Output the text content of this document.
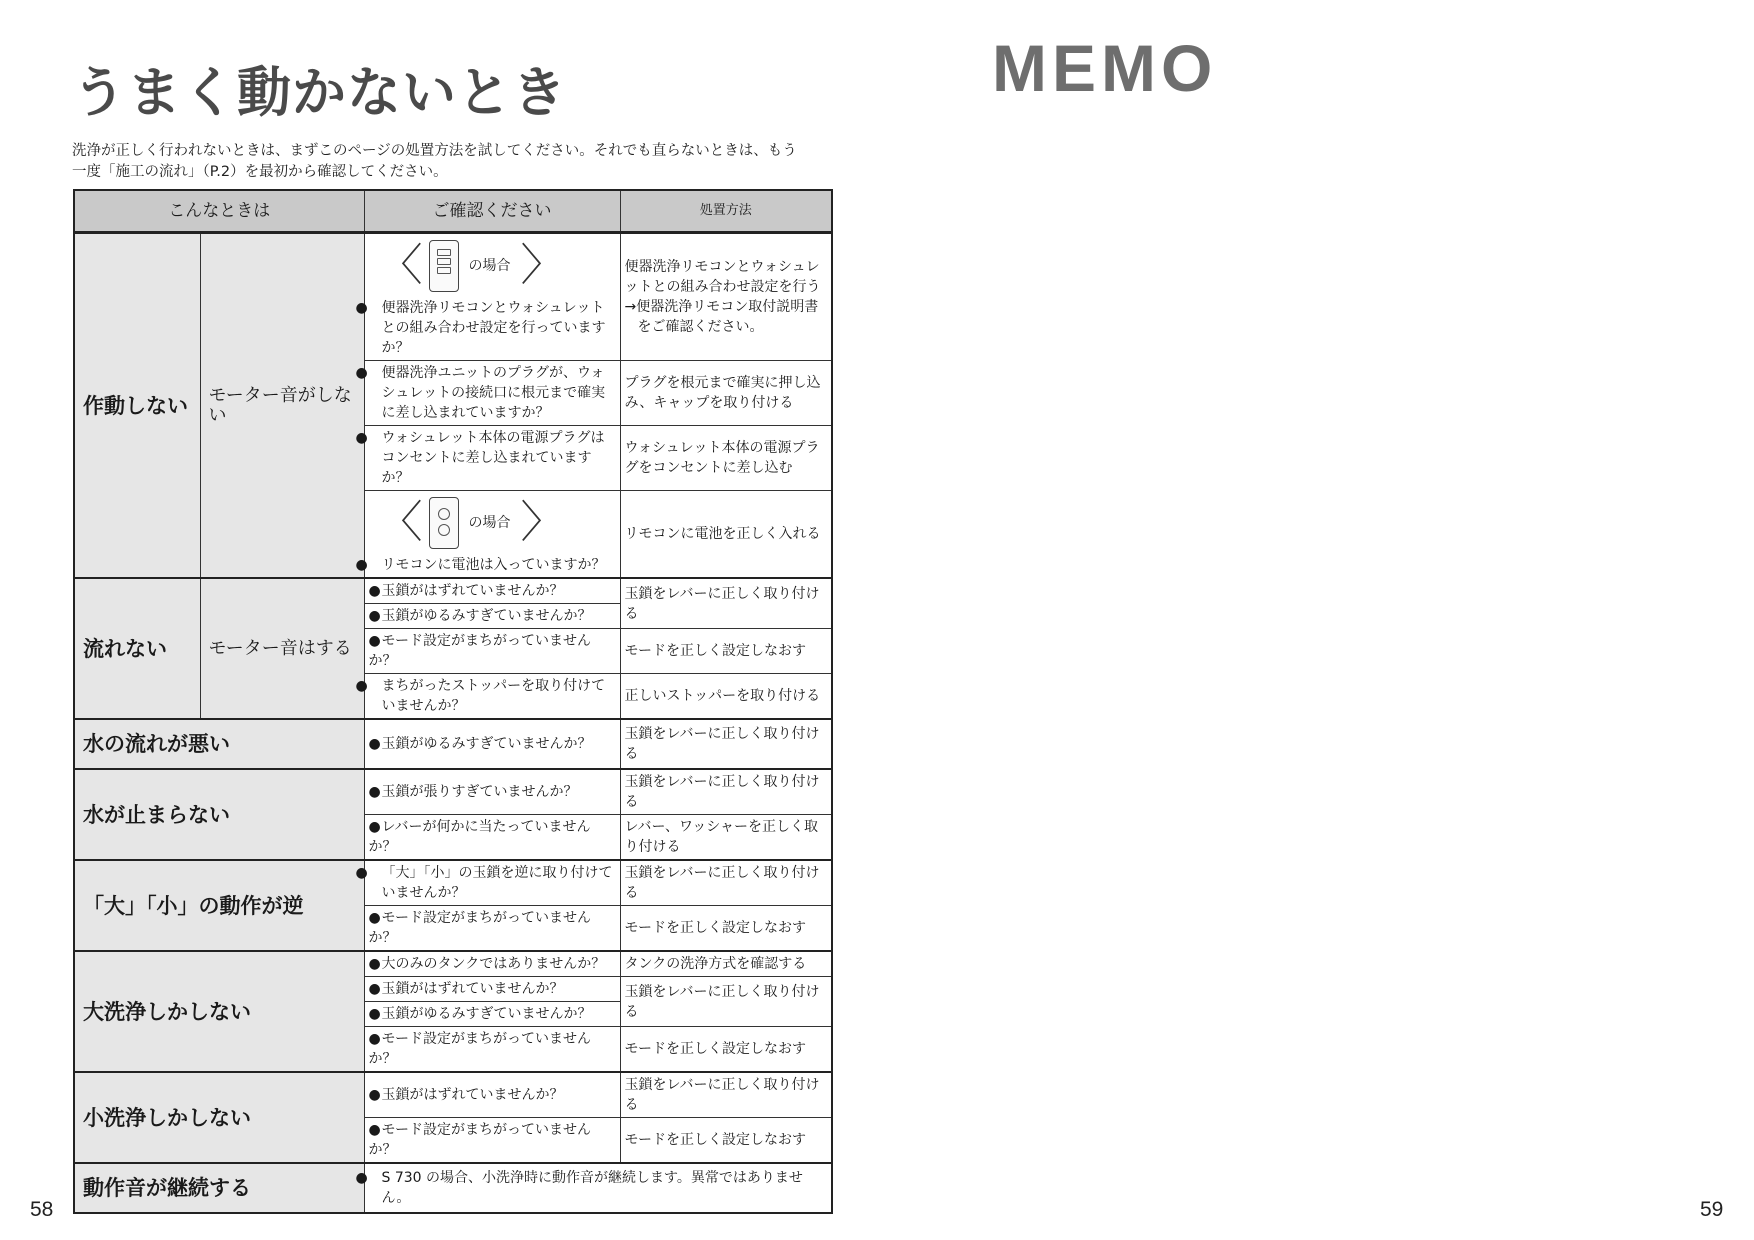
うまく動かないとき

洗浄が正しく行われないときは、まずこのページの処置方法を試してください。それでも直らないときは、もう
一度「施工の流れ」（P.2）を最初から確認してください。

MEMO
58	59
こんなときは		ご確認ください	処置方法
作動しない	モーター音がしない	〈 の場合 〉
● 便器洗浄リモコンとウォシュレットとの組み合わせ設定を行っていますか？	便器洗浄リモコンとウォシュレットとの組み合わせ設定を行う
→便器洗浄リモコン取付説明書
をご確認ください。

		● 便器洗浄ユニットのプラグが、ウォシュレットの接続口に根元まで確実に差し込まれていますか？	プラグを根元まで確実に押し込み、キャップを取り付ける

		● ウォシュレット本体の電源プラグはコンセントに差し込まれていますか？	ウォシュレット本体の電源プラグをコンセントに差し込む

		〈 の場合 〉
● リモコンに電池は入っていますか？	リモコンに電池を正しく入れる
流れない	モーター音はする	●玉鎖がはずれていませんか？	玉鎖をレバーに正しく取り付ける
		●玉鎖がゆるみすぎていませんか？	
		●モード設定がまちがっていませんか？	モードを正しく設定しなおす

		● まちがったストッパーを取り付けていませんか？	正しいストッパーを取り付ける
水の流れが悪い		●玉鎖がゆるみすぎていませんか？	玉鎖をレバーに正しく取り付ける
水が止まらない		●玉鎖が張りすぎていませんか？	玉鎖をレバーに正しく取り付ける
		●レバーが何かに当たっていませんか？	レバー、ワッシャーを正しく取り付ける
「大」「小」の動作が逆		● 「大」「小」の玉鎖を逆に取り付けていませんか？	玉鎖をレバーに正しく取り付ける
		●モード設定がまちがっていませんか？	モードを正しく設定しなおす
大洗浄しかしない		●大のみのタンクではありませんか？	タンクの洗浄方式を確認する
		●玉鎖がはずれていませんか？	玉鎖をレバーに正しく取り付ける
		●玉鎖がゆるみすぎていませんか？	
		●モード設定がまちがっていませんか？	モードを正しく設定しなおす
小洗浄しかしない		●玉鎖がはずれていませんか？	玉鎖をレバーに正しく取り付ける
		●モード設定がまちがっていませんか？	モードを正しく設定しなおす
動作音が継続する		● S 730 の場合、小洗浄時に動作音が継続します。異常ではありません。	
